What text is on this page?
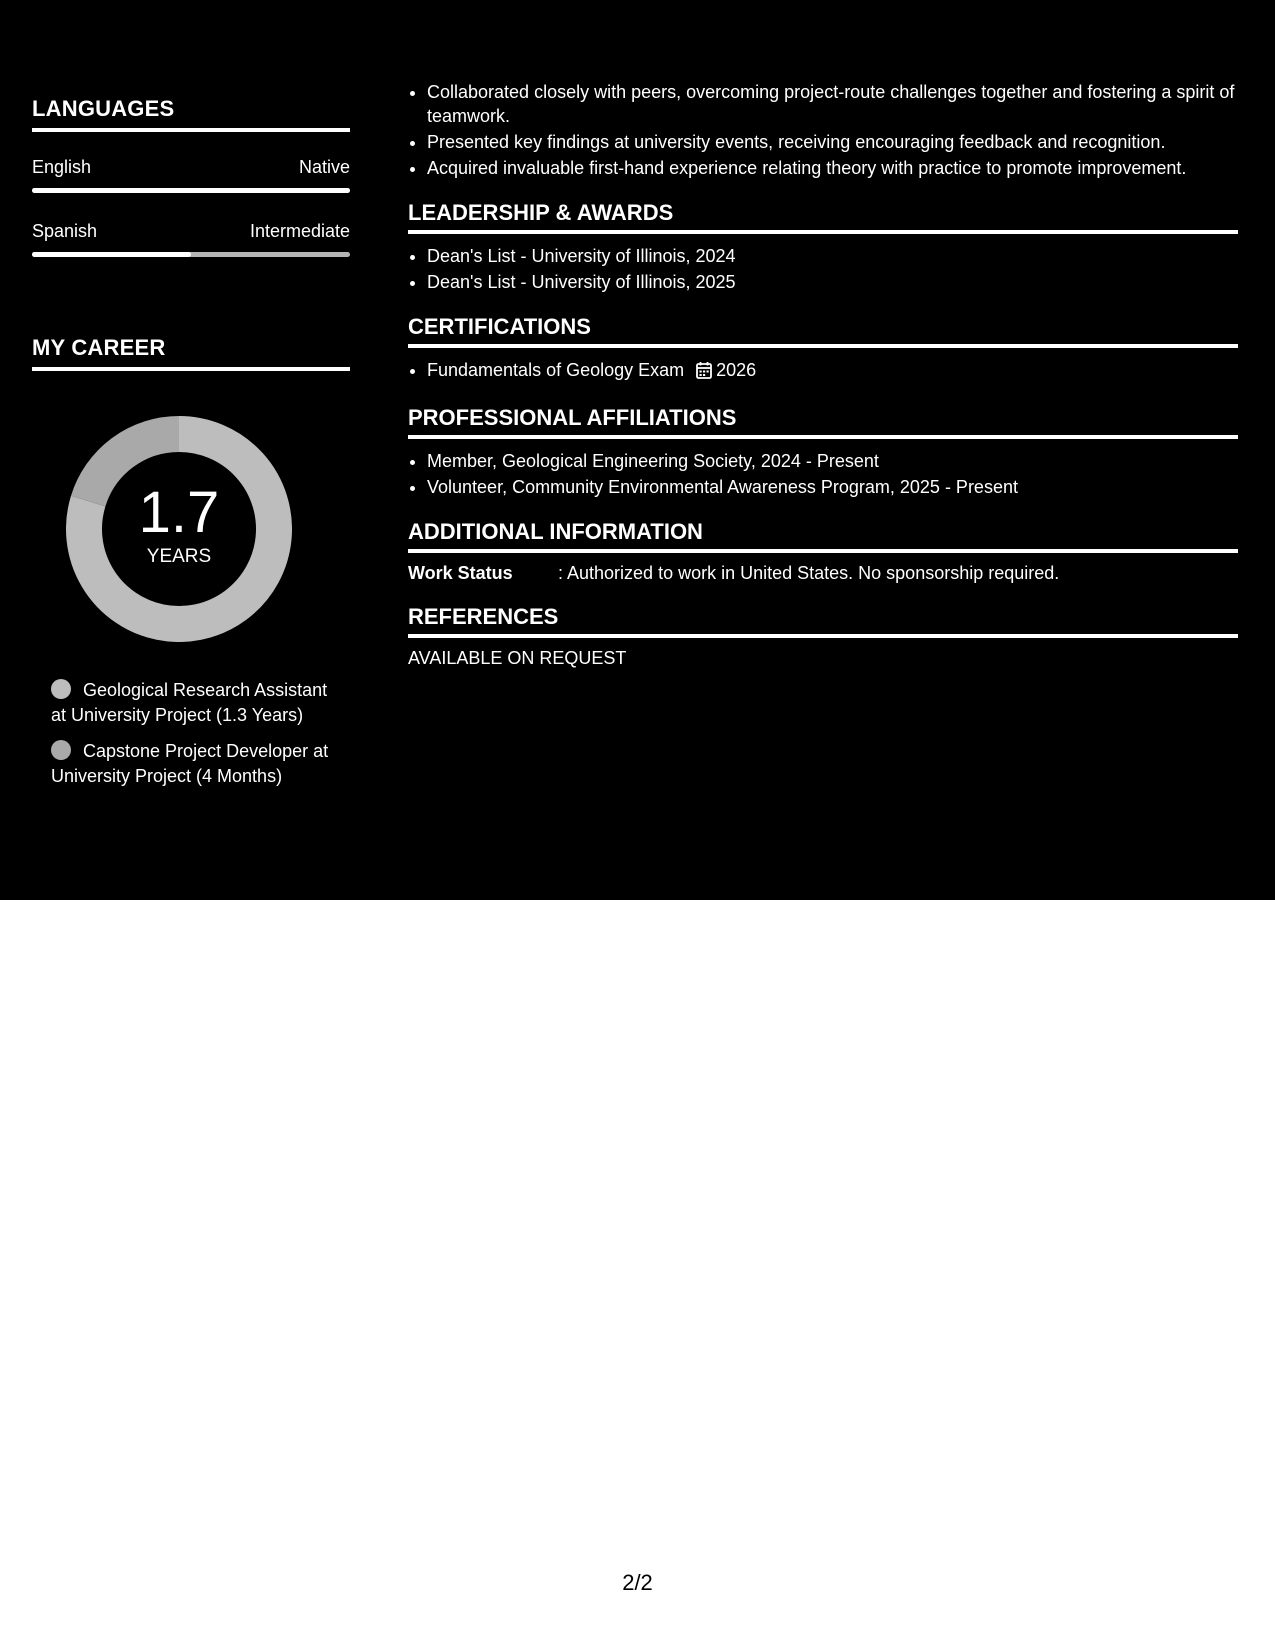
LANGUAGES
English	Native
Spanish	Intermediate
MY CAREER
1.7
YEARS
Geological Research Assistant at University Project (1.3 Years)
Capstone Project Developer at University Project (4 Months)
• Collaborated closely with peers, overcoming project-route challenges together and fostering a spirit of teamwork.
• Presented key findings at university events, receiving encouraging feedback and recognition.
• Acquired invaluable first-hand experience relating theory with practice to promote improvement.
LEADERSHIP & AWARDS
• Dean's List - University of Illinois, 2024
• Dean's List - University of Illinois, 2025
CERTIFICATIONS
• Fundamentals of Geology Exam 2026
PROFESSIONAL AFFILIATIONS
• Member, Geological Engineering Society, 2024 - Present
• Volunteer, Community Environmental Awareness Program, 2025 - Present
ADDITIONAL INFORMATION
Work Status	: Authorized to work in United States. No sponsorship required.
REFERENCES
AVAILABLE ON REQUEST
2/2
